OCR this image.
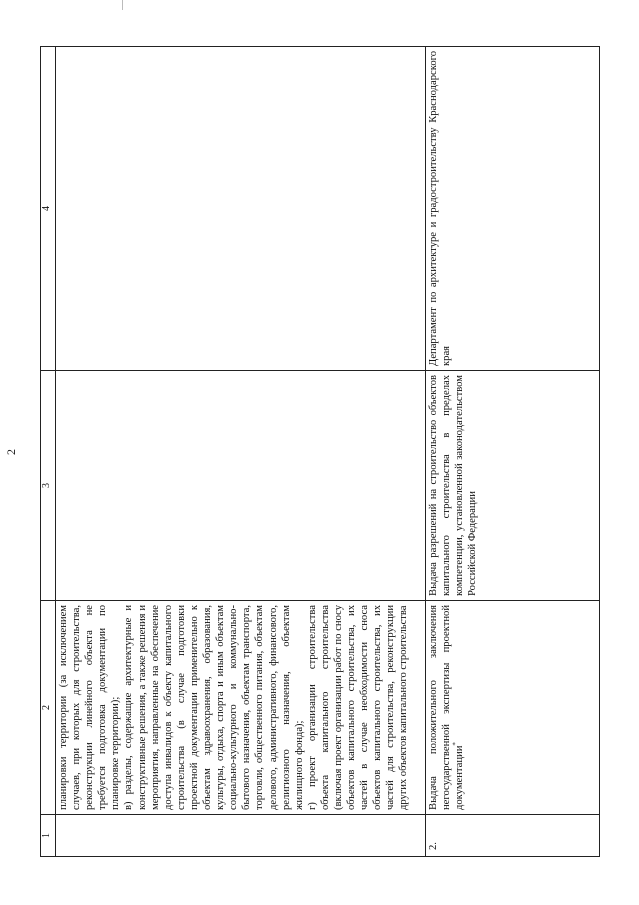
2
1	2	3	4

	планировки территории (за исключением случаев, при которых для строительства, реконструкции линейного объекта не требуется подготовка документации по планировке территории); в) разделы, содержащие архитектурные и конструктивные решения, а также решения и мероприятия, направленные на обеспечение доступа инвалидов к объекту капитального строительства (в случае подготовки проектной документации применительно к объектам здравоохранения, образования, культуры, отдыха, спорта и иным объектам социально-культурного и коммунально-бытового назначения, объектам транспорта, торговли, общественного питания, объектам делового, административного, финансового, религиозного назначения, объектам жилищного фонда); г) проект организации строительства объекта капитального строительства (включая проект организации работ по сносу объектов капитального строительства, их частей в случае необходимости сноса объектов капитального строительства, их частей для строительства, реконструкции других объектов капитального строительства		

2.	Выдача положительного заключения негосударственной экспертизы проектной документации*	Выдача разрешений на строительство объектов капитального строительства в пределах компетенции, установленной законодательством Российской Федерации	Департамент по архитектуре и градостроительству Краснодарского края
